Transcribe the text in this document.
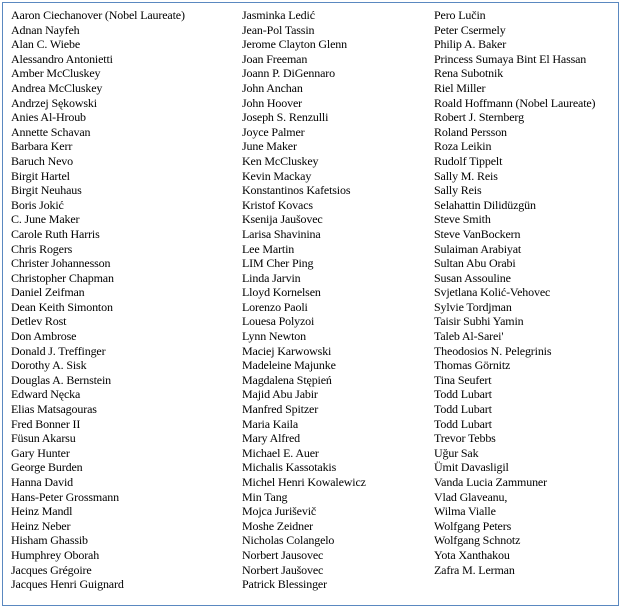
Aaron Ciechanover (Nobel Laureate)
Adnan Nayfeh
Alan C. Wiebe
Alessandro Antonietti
Amber McCluskey
Andrea McCluskey
Andrzej Sękowski
Anies Al-Hroub
Annette Schavan
Barbara Kerr
Baruch Nevo
Birgit Hartel
Birgit Neuhaus
Boris Jokić
C. June Maker
Carole Ruth Harris
Chris Rogers
Christer Johannesson
Christopher Chapman
Daniel Zeifman
Dean Keith Simonton
Detlev Rost
Don Ambrose
Donald J. Treffinger
Dorothy A. Sisk
Douglas A. Bernstein
Edward Nęcka
Elias Matsagouras
Fred Bonner II
Füsun Akarsu
Gary Hunter
George Burden
Hanna David
Hans-Peter Grossmann
Heinz Mandl
Heinz Neber
Hisham Ghassib
Humphrey Oborah
Jacques Grégoire
Jacques Henri Guignard
Jasminka Ledić
Jean-Pol Tassin
Jerome Clayton Glenn
Joan Freeman
Joann P. DiGennaro
John Anchan
John Hoover
Joseph S. Renzulli
Joyce Palmer
June Maker
Ken McCluskey
Kevin Mackay
Konstantinos Kafetsios
Kristof Kovacs
Ksenija Jaušovec
Larisa Shavinina
Lee Martin
LIM Cher Ping
Linda Jarvin
Lloyd Kornelsen
Lorenzo Paoli
Louesa Polyzoi
Lynn Newton
Maciej Karwowski
Madeleine Majunke
Magdalena Stępień
Majid Abu Jabir
Manfred Spitzer
Maria Kaila
Mary Alfred
Michael E. Auer
Michalis Kassotakis
Michel Henri Kowalewicz
Min Tang
Mojca Juriševič
Moshe Zeidner
Nicholas Colangelo
Norbert Jausovec
Norbert Jaušovec
Patrick Blessinger
Pero Lučin
Peter Csermely
Philip A. Baker
Princess Sumaya Bint El Hassan
Rena Subotnik
Riel Miller
Roald Hoffmann (Nobel Laureate)
Robert J. Sternberg
Roland Persson
Roza Leikin
Rudolf Tippelt
Sally M. Reis
Sally Reis
Selahattin Dilidüzgün
Steve Smith
Steve VanBockern
Sulaiman Arabiyat
Sultan Abu Orabi
Susan Assouline
Svjetlana Kolić-Vehovec
Sylvie Tordjman
Taisir Subhi Yamin
Taleb Al-Sarei'
Theodosios N. Pelegrinis
Thomas Görnitz
Tina Seufert
Todd Lubart
Todd Lubart
Todd Lubart
Trevor Tebbs
Uğur Sak
Ümit Davasligil
Vanda Lucia Zammuner
Vlad Glaveanu,
Wilma Vialle
Wolfgang Peters
Wolfgang Schnotz
Yota Xanthakou
Zafra M. Lerman
